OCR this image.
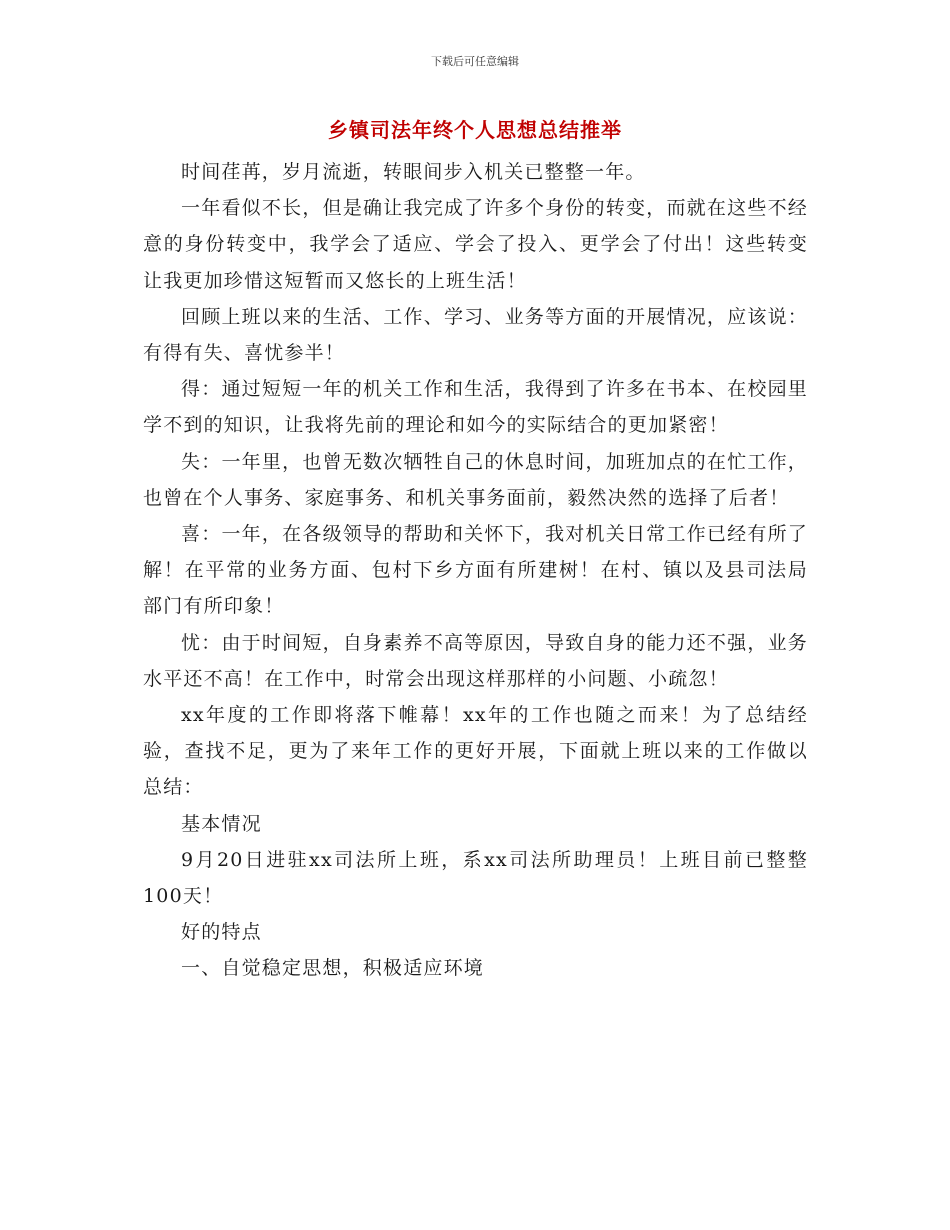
下载后可任意编辑
乡镇司法年终个人思想总结推举

时间荏苒，岁月流逝，转眼间步入机关已整整一年。

一年看似不长，但是确让我完成了许多个身份的转变，而就在这些不经意的身份转变中，我学会了适应、学会了投入、更学会了付出！这些转变让我更加珍惜这短暂而又悠长的上班生活！

回顾上班以来的生活、工作、学习、业务等方面的开展情况，应该说：有得有失、喜忧参半！

得：通过短短一年的机关工作和生活，我得到了许多在书本、在校园里学不到的知识，让我将先前的理论和如今的实际结合的更加紧密！

失：一年里，也曾无数次牺牲自己的休息时间，加班加点的在忙工作，也曾在个人事务、家庭事务、和机关事务面前，毅然决然的选择了后者！

喜：一年，在各级领导的帮助和关怀下，我对机关日常工作已经有所了解！在平常的业务方面、包村下乡方面有所建树！在村、镇以及县司法局部门有所印象！

忧：由于时间短，自身素养不高等原因，导致自身的能力还不强，业务水平还不高！在工作中，时常会出现这样那样的小问题、小疏忽！

xx年度的工作即将落下帷幕！xx年的工作也随之而来！为了总结经验，查找不足，更为了来年工作的更好开展，下面就上班以来的工作做以总结：

基本情况

9月20日进驻xx司法所上班，系xx司法所助理员！上班目前已整整100天！

好的特点

一、自觉稳定思想，积极适应环境
